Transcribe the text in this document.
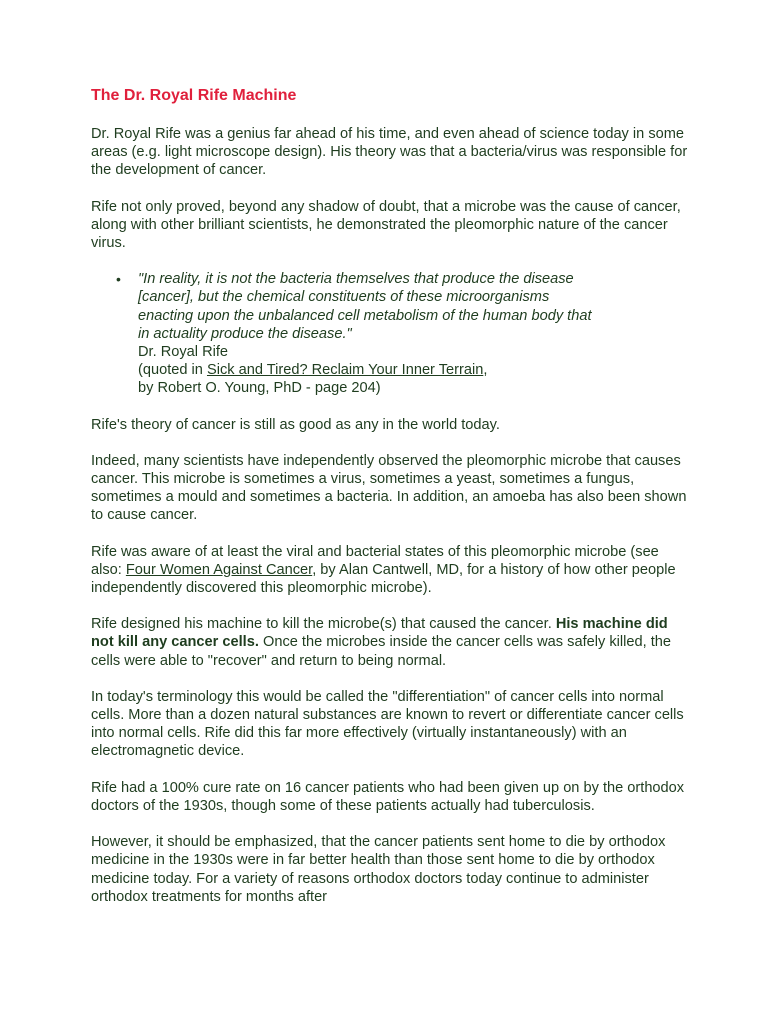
The Dr. Royal Rife Machine

Dr. Royal Rife was a genius far ahead of his time, and even ahead of science today in some areas (e.g. light microscope design). His theory was that a bacteria/virus was responsible for the development of cancer.

Rife not only proved, beyond any shadow of doubt, that a microbe was the cause of cancer, along with other brilliant scientists, he demonstrated the pleomorphic nature of the cancer virus.

• "In reality, it is not the bacteria themselves that produce the disease
[cancer], but the chemical constituents of these microorganisms
enacting upon the unbalanced cell metabolism of the human body that
in actuality produce the disease."
Dr. Royal Rife
(quoted in Sick and Tired? Reclaim Your Inner Terrain,
by Robert O. Young, PhD - page 204)

Rife's theory of cancer is still as good as any in the world today.

Indeed, many scientists have independently observed the pleomorphic microbe that causes cancer. This microbe is sometimes a virus, sometimes a yeast, sometimes a fungus, sometimes a mould and sometimes a bacteria. In addition, an amoeba has also been shown to cause cancer.

Rife was aware of at least the viral and bacterial states of this pleomorphic microbe (see also: Four Women Against Cancer, by Alan Cantwell, MD, for a history of how other people independently discovered this pleomorphic microbe).

Rife designed his machine to kill the microbe(s) that caused the cancer. His machine did not kill any cancer cells. Once the microbes inside the cancer cells was safely killed, the cells were able to "recover" and return to being normal.

In today's terminology this would be called the "differentiation" of cancer cells into normal cells. More than a dozen natural substances are known to revert or differentiate cancer cells into normal cells. Rife did this far more effectively (virtually instantaneously) with an electromagnetic device.

Rife had a 100% cure rate on 16 cancer patients who had been given up on by the orthodox doctors of the 1930s, though some of these patients actually had tuberculosis.

However, it should be emphasized, that the cancer patients sent home to die by orthodox medicine in the 1930s were in far better health than those sent home to die by orthodox medicine today. For a variety of reasons orthodox doctors today continue to administer orthodox treatments for months after
